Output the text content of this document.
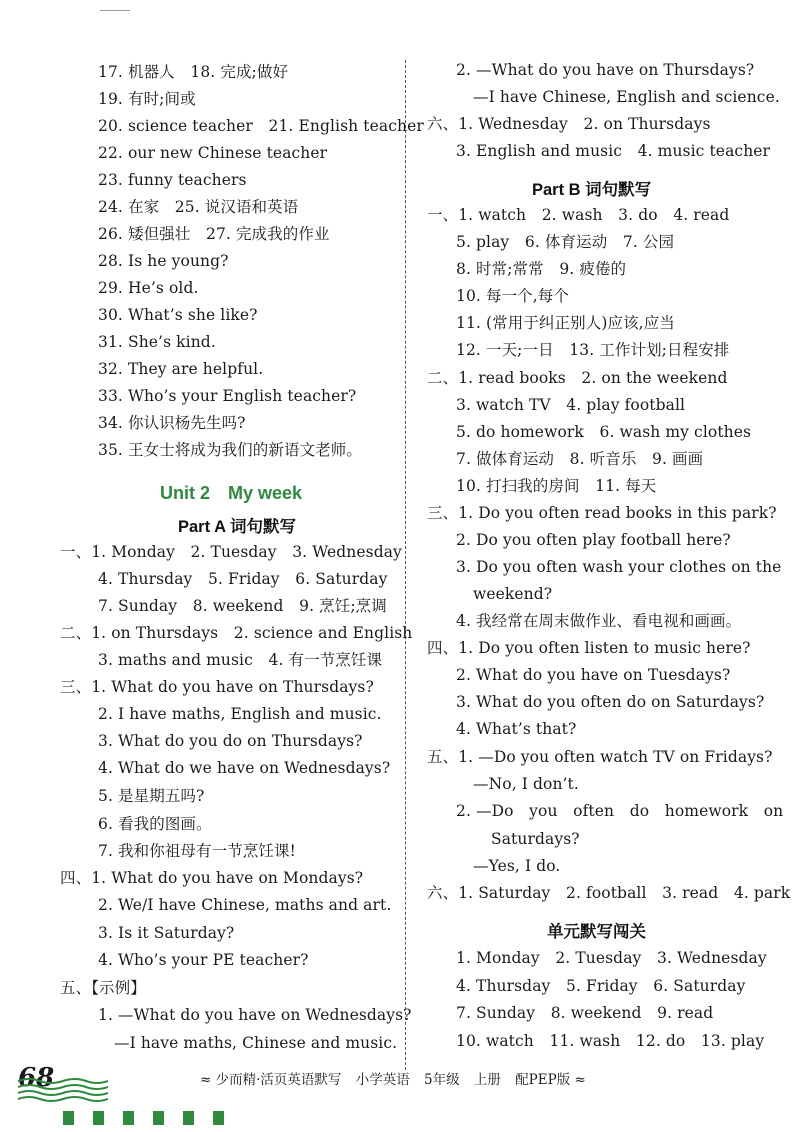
17. 机器人　18. 完成;做好
19. 有时;间或
20. science teacher　21. English teacher
22. our new Chinese teacher
23. funny teachers
24. 在家　25. 说汉语和英语
26. 矮但强壮　27. 完成我的作业
28. Is he young?
29. He’s old.
30. What’s she like?
31. She’s kind.
32. They are helpful.
33. Who’s your English teacher?
34. 你认识杨先生吗?
35. 王女士将成为我们的新语文老师。
Unit 2 My week
Part A 词句默写
一、1. Monday　2. Tuesday　3. Wednesday
4. Thursday　5. Friday　6. Saturday
7. Sunday　8. weekend　9. 烹饪;烹调
二、1. on Thursdays　2. science and English
3. maths and music　4. 有一节烹饪课
三、1. What do you have on Thursdays?
2. I have maths, English and music.
3. What do you do on Thursdays?
4. What do we have on Wednesdays?
5. 是星期五吗?
6. 看我的图画。
7. 我和你祖母有一节烹饪课!
四、1. What do you have on Mondays?
2. We/I have Chinese, maths and art.
3. Is it Saturday?
4. Who’s your PE teacher?
五、【示例】
1. —What do you have on Wednesdays?
—I have maths, Chinese and music.
2. —What do you have on Thursdays?
—I have Chinese, English and science.
六、1. Wednesday　2. on Thursdays
3. English and music　4. music teacher
Part B 词句默写
一、1. watch　2. wash　3. do　4. read
5. play　6. 体育运动　7. 公园
8. 时常;常常　9. 疲倦的
10. 每一个,每个
11. (常用于纠正别人)应该,应当
12. 一天;一日　13. 工作计划;日程安排
二、1. read books　2. on the weekend
3. watch TV　4. play football
5. do homework　6. wash my clothes
7. 做体育运动　8. 听音乐　9. 画画
10. 打扫我的房间　11. 每天
三、1. Do you often read books in this park?
2. Do you often play football here?
3. Do you often wash your clothes on the
weekend?
4. 我经常在周末做作业、看电视和画画。
四、1. Do you often listen to music here?
2. What do you have on Tuesdays?
3. What do you often do on Saturdays?
4. What’s that?
五、1. —Do you often watch TV on Fridays?
—No, I don’t.
2. —Do　you　often　do　homework　on
Saturdays?
—Yes, I do.
六、1. Saturday　2. football　3. read　4. park
单元默写闯关
1. Monday　2. Tuesday　3. Wednesday
4. Thursday　5. Friday　6. Saturday
7. Sunday　8. weekend　9. read
10. watch　11. wash　12. do　13. play
68	≈ 少而精·活页英语默写 小学英语 5年级 上册 配PEP版 ≈
